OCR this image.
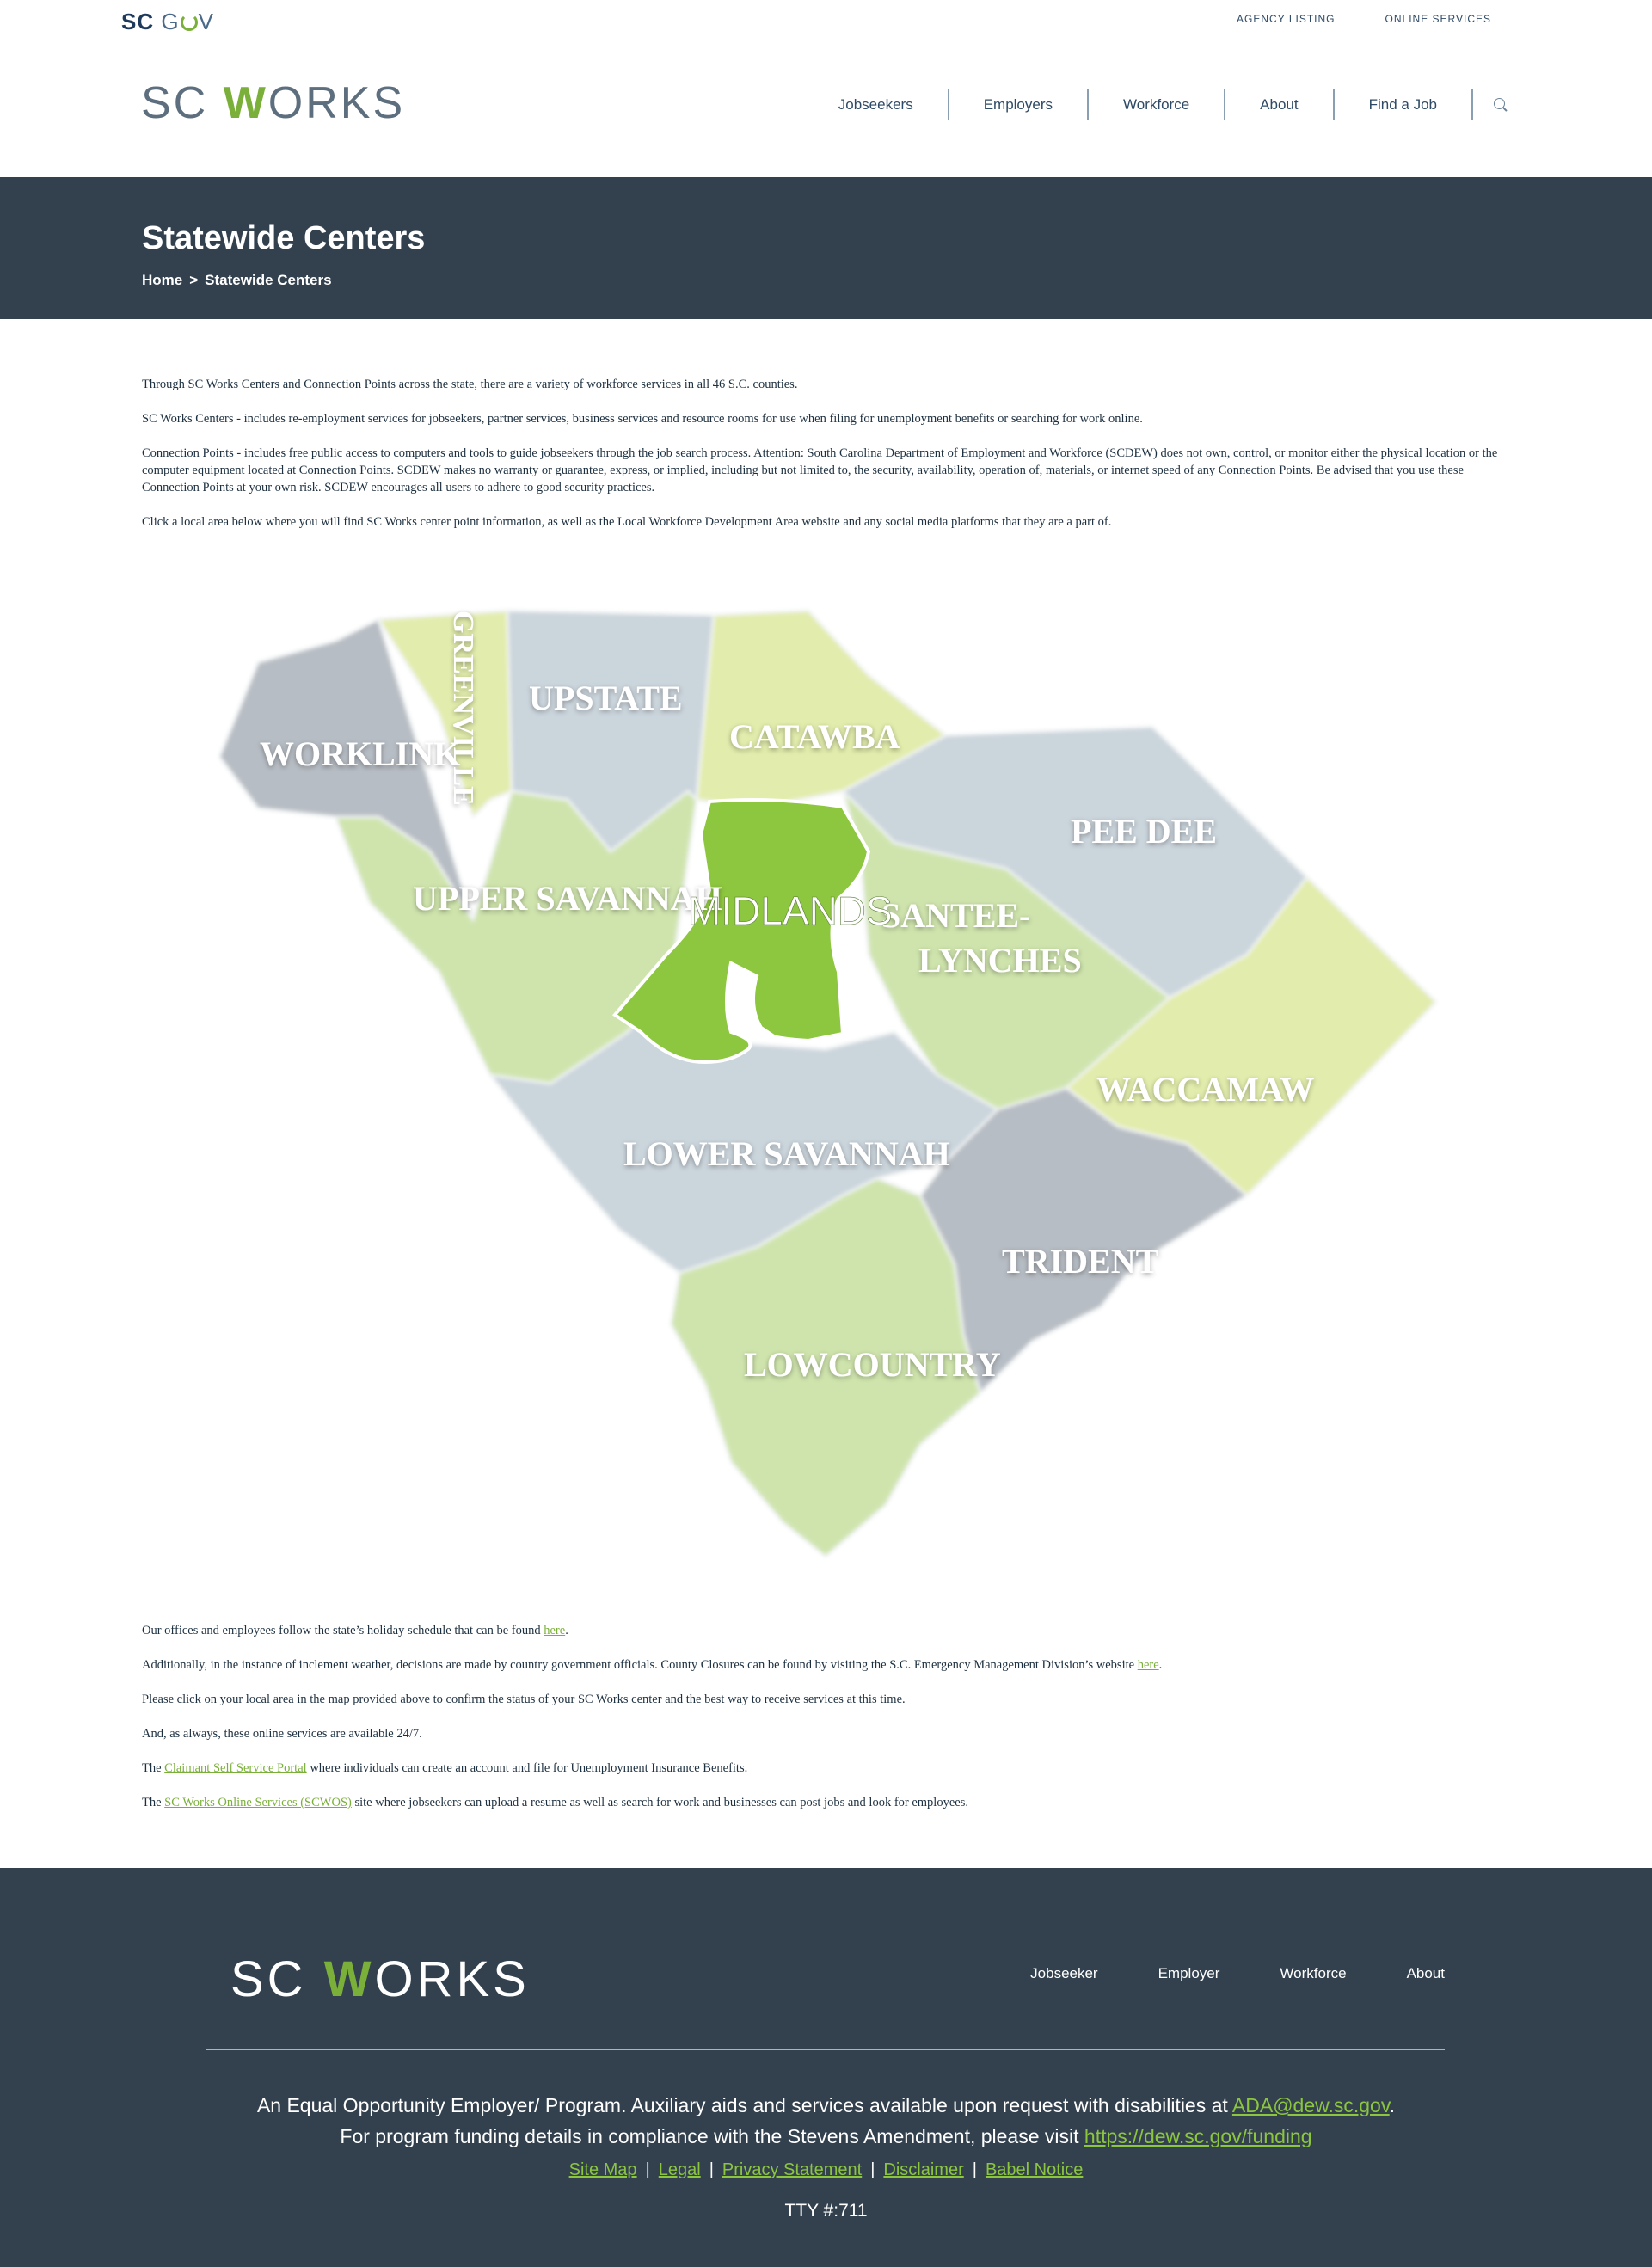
SC G V	AGENCY LISTING	ONLINE SERVICES
SC WORKS	Jobseekers	Employers	Workforce	About	Find a Job
Statewide Centers
Home > Statewide Centers

Through SC Works Centers and Connection Points across the state, there are a variety of workforce services in all 46 S.C. counties.

SC Works Centers - includes re-employment services for jobseekers, partner services, business services and resource rooms for use when filing for unemployment benefits or searching for work online.

Connection Points - includes free public access to computers and tools to guide jobseekers through the job search process. Attention: South Carolina Department of Employment and Workforce (SCDEW) does not own, control, or monitor either the physical location or the computer equipment located at Connection Points. SCDEW makes no warranty or guarantee, express, or implied, including but not limited to, the security, availability, operation of, materials, or internet speed of any Connection Points. Be advised that you use these Connection Points at your own risk. SCDEW encourages all users to adhere to good security practices.

Click a local area below where you will find SC Works center point information, as well as the Local Workforce Development Area website and any social media platforms that they are a part of.

WORKLINK
GREENVILLE UPSTATE
CATAWBA
PEE DEE
UPPER SAVANNAH	SANTEE-
LYNCHES
WACCAMAW
LOWER SAVANNAH
TRIDENT
LOWCOUNTRY
MIDLANDS

Our offices and employees follow the state’s holiday schedule that can be found here.

Additionally, in the instance of inclement weather, decisions are made by country government officials. County Closures can be found by visiting the S.C. Emergency Management Division’s website here.

Please click on your local area in the map provided above to confirm the status of your SC Works center and the best way to receive services at this time.

And, as always, these online services are available 24/7.

The Claimant Self Service Portal where individuals can create an account and file for Unemployment Insurance Benefits.

The SC Works Online Services (SCWOS) site where jobseekers can upload a resume as well as search for work and businesses can post jobs and look for employees.

SC WORKS	Jobseeker	Employer	Workforce	About
An Equal Opportunity Employer/ Program. Auxiliary aids and services available upon request with disabilities at ADA@dew.sc.gov.
For program funding details in compliance with the Stevens Amendment, please visit https://dew.sc.gov/funding
Site Map | Legal | Privacy Statement | Disclaimer | Babel Notice
TTY #:711
